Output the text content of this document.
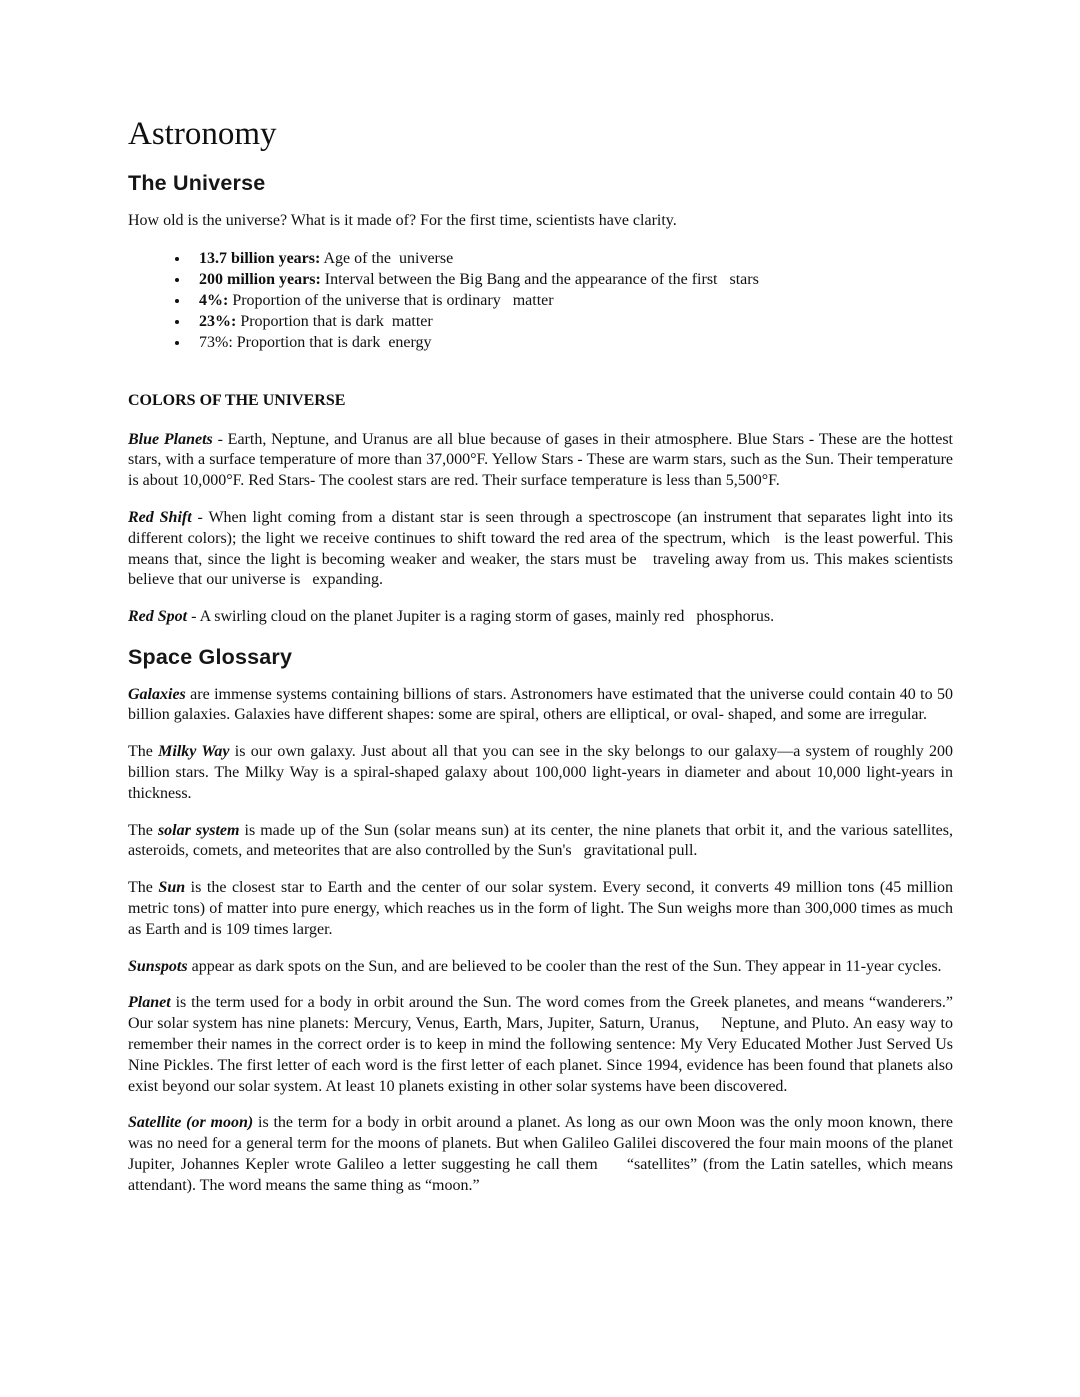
Astronomy
The Universe

How old is the universe? What is it made of? For the first time, scientists have clarity.

• 13.7 billion years: Age of the  universe
• 200 million years: Interval between the Big Bang and the appearance of the first   stars
• 4%: Proportion of the universe that is ordinary   matter
• 23%: Proportion that is dark  matter
• 73%: Proportion that is dark  energy
COLORS OF THE UNIVERSE

Blue Planets - Earth, Neptune, and Uranus are all blue because of gases in their atmosphere. Blue Stars - These are the hottest stars, with a surface temperature of more than 37,000°F. Yellow Stars - These are warm stars, such as the Sun. Their temperature is about 10,000°F. Red Stars- The coolest stars are red. Their surface temperature is less than 5,500°F.

Red Shift - When light coming from a distant star is seen through a spectroscope (an instrument that separates light into its different colors); the light we receive continues to shift toward the red area of the spectrum, which   is the least powerful. This means that, since the light is becoming weaker and weaker, the stars must be   traveling away from us. This makes scientists believe that our universe is   expanding.

Red Spot - A swirling cloud on the planet Jupiter is a raging storm of gases, mainly red   phosphorus.

Space Glossary

Galaxies are immense systems containing billions of stars. Astronomers have estimated that the universe could contain 40 to 50 billion galaxies. Galaxies have different shapes: some are spiral, others are elliptical, or oval- shaped, and some are irregular.

The Milky Way is our own galaxy. Just about all that you can see in the sky belongs to our galaxy—a system of roughly 200 billion stars. The Milky Way is a spiral-shaped galaxy about 100,000 light-years in diameter and about 10,000 light-years in thickness.

The solar system is made up of the Sun (solar means sun) at its center, the nine planets that orbit it, and the various satellites, asteroids, comets, and meteorites that are also controlled by the Sun's   gravitational pull.

The Sun is the closest star to Earth and the center of our solar system. Every second, it converts 49 million tons (45 million metric tons) of matter into pure energy, which reaches us in the form of light. The Sun weighs more than 300,000 times as much as Earth and is 109 times larger.

Sunspots appear as dark spots on the Sun, and are believed to be cooler than the rest of the Sun. They appear in 11-year cycles.

Planet is the term used for a body in orbit around the Sun. The word comes from the Greek planetes, and means “wanderers.” Our solar system has nine planets: Mercury, Venus, Earth, Mars, Jupiter, Saturn, Uranus,     Neptune, and Pluto. An easy way to remember their names in the correct order is to keep in mind the following sentence: My Very Educated Mother Just Served Us Nine Pickles. The first letter of each word is the first letter of each planet. Since 1994, evidence has been found that planets also exist beyond our solar system. At least 10 planets existing in other solar systems have been discovered.

Satellite (or moon) is the term for a body in orbit around a planet. As long as our own Moon was the only moon known, there was no need for a general term for the moons of planets. But when Galileo Galilei discovered the four main moons of the planet Jupiter, Johannes Kepler wrote Galileo a letter suggesting he call them     “satellites” (from the Latin satelles, which means attendant). The word means the same thing as “moon.”
